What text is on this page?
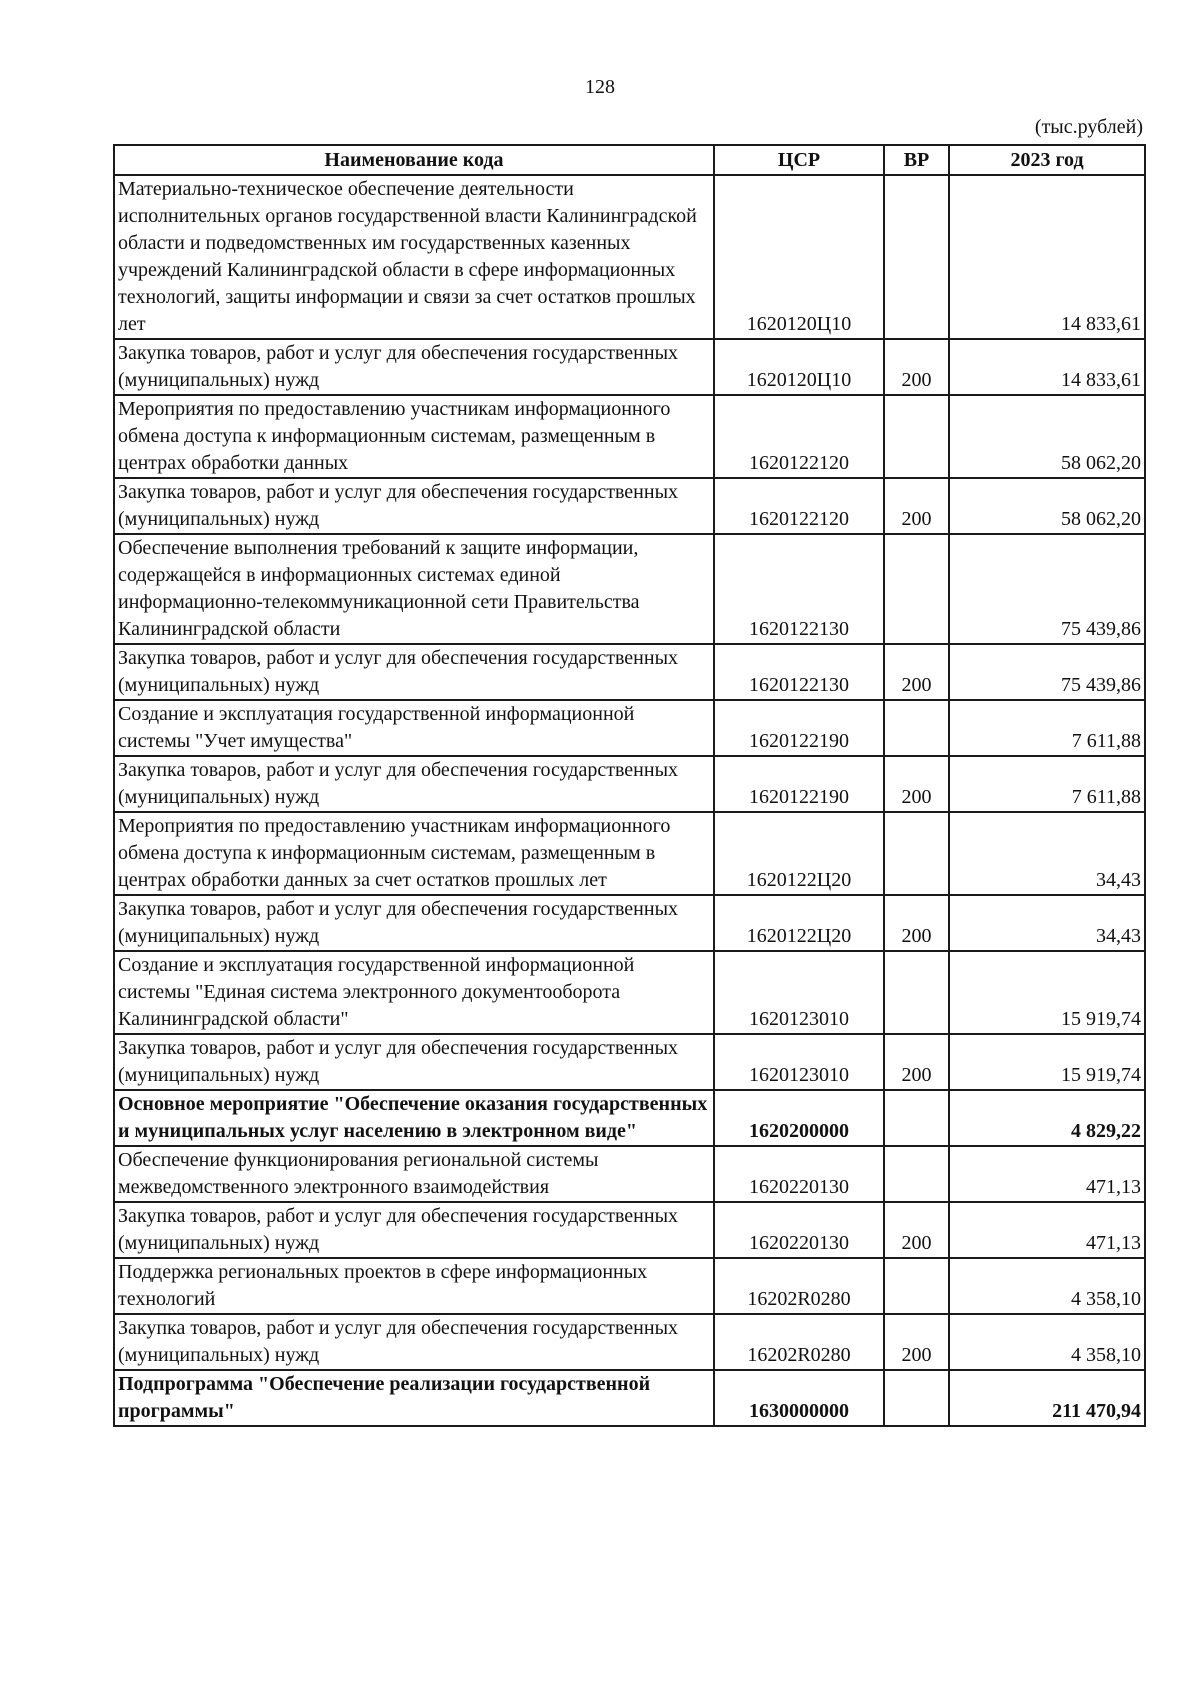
128
(тыс.рублей)
Наименование кода	ЦСР	ВР	2023 год
Материально-техническое обеспечение деятельности исполнительных органов государственной власти Калининградской области и подведомственных им государственных казенных учреждений Калининградской области в сфере информационных технологий, защиты информации и связи за счет остатков прошлых лет	1620120Ц10		14 833,61
Закупка товаров, работ и услуг для обеспечения государственных (муниципальных) нужд	1620120Ц10	200	14 833,61
Мероприятия по предоставлению участникам информационного обмена доступа к информационным системам, размещенным в центрах обработки данных	1620122120		58 062,20
Закупка товаров, работ и услуг для обеспечения государственных (муниципальных) нужд	1620122120	200	58 062,20
Обеспечение выполнения требований к защите информации, содержащейся в информационных системах единой информационно-телекоммуникационной сети Правительства Калининградской области	1620122130		75 439,86
Закупка товаров, работ и услуг для обеспечения государственных (муниципальных) нужд	1620122130	200	75 439,86
Создание и эксплуатация государственной информационной системы "Учет имущества"	1620122190		7 611,88
Закупка товаров, работ и услуг для обеспечения государственных (муниципальных) нужд	1620122190	200	7 611,88
Мероприятия по предоставлению участникам информационного обмена доступа к информационным системам, размещенным в центрах обработки данных за счет остатков прошлых лет	1620122Ц20		34,43
Закупка товаров, работ и услуг для обеспечения государственных (муниципальных) нужд	1620122Ц20	200	34,43
Создание и эксплуатация государственной информационной системы "Единая система электронного документооборота Калининградской области"	1620123010		15 919,74
Закупка товаров, работ и услуг для обеспечения государственных (муниципальных) нужд	1620123010	200	15 919,74
Основное мероприятие "Обеспечение оказания государственных и муниципальных услуг населению в электронном виде"	1620200000		4 829,22
Обеспечение функционирования региональной системы межведомственного электронного взаимодействия	1620220130		471,13
Закупка товаров, работ и услуг для обеспечения государственных (муниципальных) нужд	1620220130	200	471,13
Поддержка региональных проектов в сфере информационных технологий	16202R0280		4 358,10
Закупка товаров, работ и услуг для обеспечения государственных (муниципальных) нужд	16202R0280	200	4 358,10
Подпрограмма "Обеспечение реализации государственной программы"	1630000000		211 470,94
